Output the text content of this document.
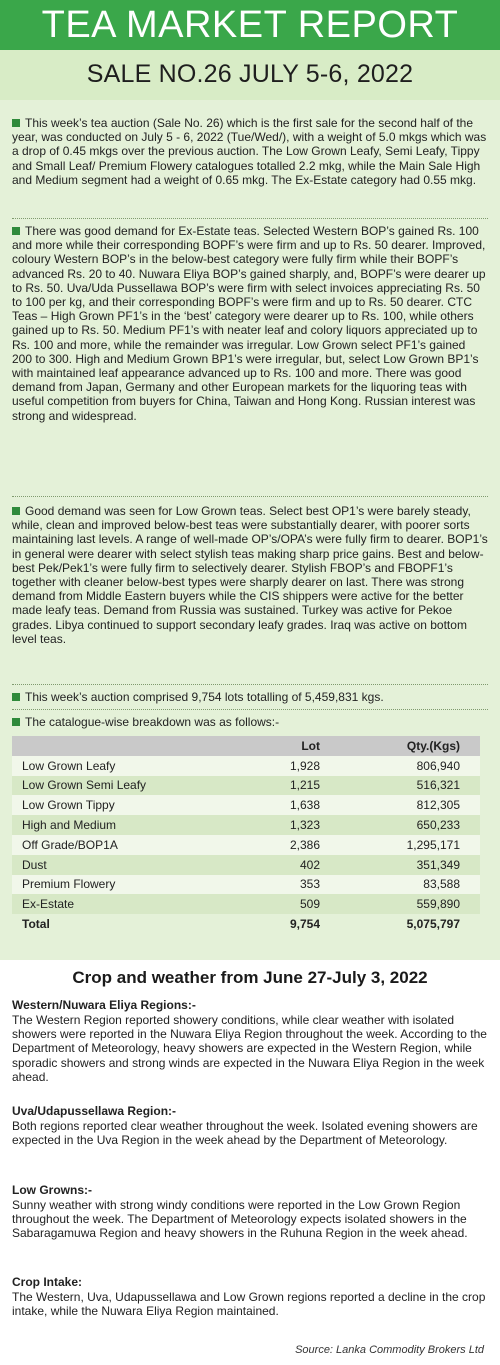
TEA MARKET REPORT
SALE NO.26 JULY 5-6, 2022
This week’s tea auction (Sale No. 26) which is the first sale for the second half of the year, was conducted on July 5 - 6, 2022 (Tue/Wed/), with a weight of 5.0 mkgs which was a drop of 0.45 mkgs over the previous auction. The Low Grown Leafy, Semi Leafy, Tippy and Small Leaf/ Premium Flowery catalogues totalled 2.2 mkg, while the Main Sale High and Medium segment had a weight of 0.65 mkg. The Ex-Estate category had 0.55 mkg.
There was good demand for Ex-Estate teas. Selected Western BOP’s gained Rs. 100 and more while their corresponding BOPF’s were firm and up to Rs. 50 dearer. Improved, coloury Western BOP’s in the below-best category were fully firm while their BOPF’s advanced Rs. 20 to 40. Nuwara Eliya BOP’s gained sharply, and, BOPF’s were dearer up to Rs. 50. Uva/Uda Pussellawa BOP’s were firm with select invoices appreciating Rs. 50 to 100 per kg, and their corresponding BOPF’s were firm and up to Rs. 50 dearer. CTC Teas – High Grown PF1’s in the ‘best’ category were dearer up to Rs. 100, while others gained up to Rs. 50. Medium PF1’s with neater leaf and colory liquors appreciated up to Rs. 100 and more, while the remainder was irregular. Low Grown select PF1’s gained 200 to 300. High and Medium Grown BP1’s were irregular, but, select Low Grown BP1’s with maintained leaf appearance advanced up to Rs. 100 and more. There was good demand from Japan, Germany and other European markets for the liquoring teas with useful competition from buyers for China, Taiwan and Hong Kong. Russian interest was strong and widespread.
Good demand was seen for Low Grown teas. Select best OP1’s were barely steady, while, clean and improved below-best teas were substantially dearer, with poorer sorts maintaining last levels. A range of well-made OP’s/OPA’s were fully firm to dearer. BOP1’s in general were dearer with select stylish teas making sharp price gains. Best and below-best Pek/Pek1’s were fully firm to selectively dearer. Stylish FBOP’s and FBOPF1’s together with cleaner below-best types were sharply dearer on last. There was strong demand from Middle Eastern buyers while the CIS shippers were active for the better made leafy teas. Demand from Russia was sustained. Turkey was active for Pekoe grades. Libya continued to support secondary leafy grades. Iraq was active on bottom level teas.
This week’s auction comprised 9,754 lots totalling of 5,459,831 kgs.
The catalogue-wise breakdown was as follows:-
	Lot	Qty.(Kgs)
Low Grown Leafy	1,928	806,940
Low Grown Semi Leafy	1,215	516,321
Low Grown Tippy	1,638	812,305
High and Medium	1,323	650,233
Off Grade/BOP1A	2,386	1,295,171
Dust	402	351,349
Premium Flowery	353	83,588
Ex-Estate	509	559,890
Total	9,754	5,075,797
Crop and weather from June 27-July 3, 2022
Western/Nuwara Eliya Regions:-
The Western Region reported showery conditions, while clear weather with isolated showers were reported in the Nuwara Eliya Region throughout the week. According to the Department of Meteorology, heavy showers are expected in the Western Region, while sporadic showers and strong winds are expected in the Nuwara Eliya Region in the week ahead.
Uva/Udapussellawa Region:-
Both regions reported clear weather throughout the week. Isolated evening showers are expected in the Uva Region in the week ahead by the Department of Meteorology.
Low Growns:-
Sunny weather with strong windy conditions were reported in the Low Grown Region throughout the week. The Department of Meteorology expects isolated showers in the Sabaragamuwa Region and heavy showers in the Ruhuna Region in the week ahead.
Crop Intake:
The Western, Uva, Udapussellawa and Low Grown regions reported a decline in the crop intake, while the Nuwara Eliya Region maintained.
Source: Lanka Commodity Brokers Ltd
